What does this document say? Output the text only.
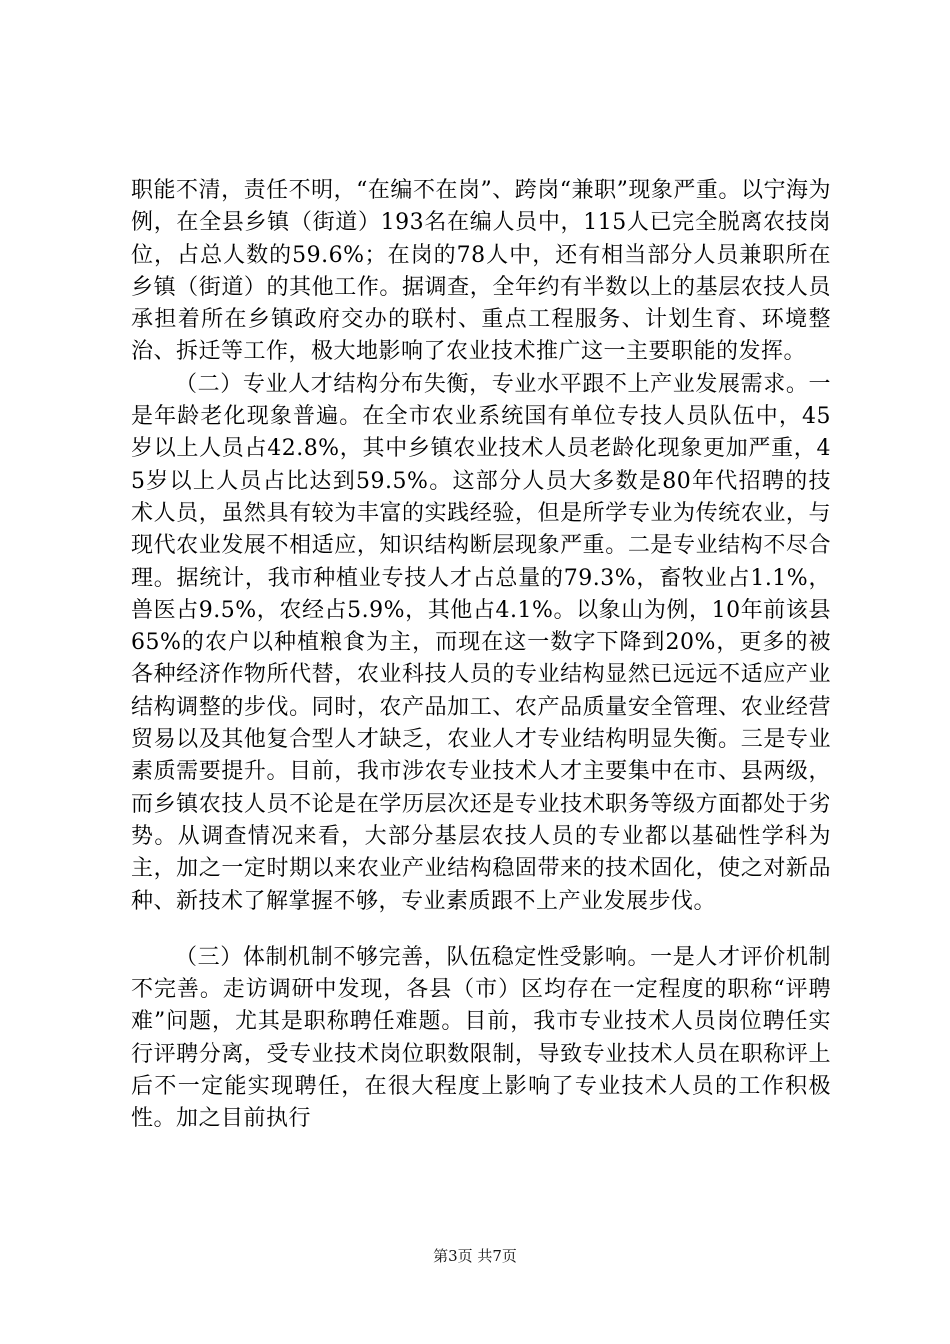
职能不清，责任不明，“在编不在岗”、跨岗“兼职”现象严重。以宁海为例，在全县乡镇（街道）193名在编人员中，115人已完全脱离农技岗位，占总人数的59.6%；在岗的78人中，还有相当部分人员兼职所在乡镇（街道）的其他工作。据调查，全年约有半数以上的基层农技人员承担着所在乡镇政府交办的联村、重点工程服务、计划生育、环境整治、拆迁等工作，极大地影响了农业技术推广这一主要职能的发挥。

（二）专业人才结构分布失衡，专业水平跟不上产业发展需求。一是年龄老化现象普遍。在全市农业系统国有单位专技人员队伍中，45岁以上人员占42.8%，其中乡镇农业技术人员老龄化现象更加严重，45岁以上人员占比达到59.5%。这部分人员大多数是80年代招聘的技术人员，虽然具有较为丰富的实践经验，但是所学专业为传统农业，与现代农业发展不相适应，知识结构断层现象严重。二是专业结构不尽合理。据统计，我市种植业专技人才占总量的79.3%，畜牧业占1.1%，兽医占9.5%，农经占5.9%，其他占4.1%。以象山为例，10年前该县65%的农户以种植粮食为主，而现在这一数字下降到20%，更多的被各种经济作物所代替，农业科技人员的专业结构显然已远远不适应产业结构调整的步伐。同时，农产品加工、农产品质量安全管理、农业经营贸易以及其他复合型人才缺乏，农业人才专业结构明显失衡。三是专业素质需要提升。目前，我市涉农专业技术人才主要集中在市、县两级，而乡镇农技人员不论是在学历层次还是专业技术职务等级方面都处于劣势。从调查情况来看，大部分基层农技人员的专业都以基础性学科为主，加之一定时期以来农业产业结构稳固带来的技术固化，使之对新品种、新技术了解掌握不够，专业素质跟不上产业发展步伐。

（三）体制机制不够完善，队伍稳定性受影响。一是人才评价机制不完善。走访调研中发现，各县（市）区均存在一定程度的职称“评聘难”问题，尤其是职称聘任难题。目前，我市专业技术人员岗位聘任实行评聘分离，受专业技术岗位职数限制，导致专业技术人员在职称评上后不一定能实现聘任，在很大程度上影响了专业技术人员的工作积极性。加之目前执行

第3页 共7页
